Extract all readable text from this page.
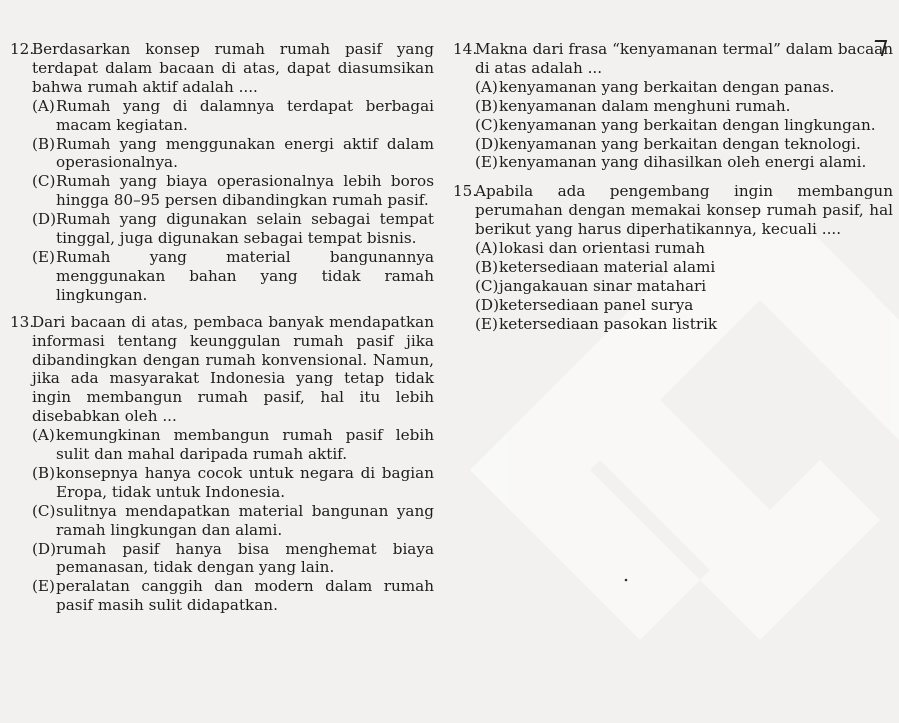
12.
Berdasarkan konsep rumah rumah pasif yang terdapat dalam bacaan di atas, dapat diasumsikan bahwa rumah aktif adalah ....
(A) Rumah yang di dalamnya terdapat berbagai macam kegiatan.
(B) Rumah yang menggunakan energi aktif dalam operasionalnya.
(C) Rumah yang biaya operasionalnya lebih boros hingga 80–95 persen dibandingkan rumah pasif.
(D) Rumah yang digunakan selain sebagai tempat tinggal, juga digunakan sebagai tempat bisnis.
(E) Rumah yang material bangunannya menggunakan bahan yang tidak ramah lingkungan.
13.
Dari bacaan di atas, pembaca banyak mendapatkan informasi tentang keunggulan rumah pasif jika dibandingkan dengan rumah konvensional. Namun, jika ada masyarakat Indonesia yang tetap tidak ingin membangun rumah pasif, hal itu lebih disebabkan oleh ...
(A) kemungkinan membangun rumah pasif lebih sulit dan mahal daripada rumah aktif.
(B) konsepnya hanya cocok untuk negara di bagian Eropa, tidak untuk Indonesia.
(C) sulitnya mendapatkan material bangunan yang ramah lingkungan dan alami.
(D) rumah pasif hanya bisa menghemat biaya pemanasan, tidak dengan yang lain.
(E) peralatan canggih dan modern dalam rumah pasif masih sulit didapatkan.
14.
Makna dari frasa “kenyamanan termal” dalam bacaan di atas adalah ...
(A) kenyamanan yang berkaitan dengan panas.
(B) kenyamanan dalam menghuni rumah.
(C) kenyamanan yang berkaitan dengan lingkungan.
(D) kenyamanan yang berkaitan dengan teknologi.
(E) kenyamanan yang dihasilkan oleh energi alami.
15.
Apabila ada pengembang ingin membangun perumahan dengan memakai konsep rumah pasif, hal berikut yang harus diperhatikannya, kecuali ....
(A) lokasi dan orientasi rumah
(B) ketersediaan material alami
(C) jangakauan sinar matahari
(D) ketersediaan panel surya
(E) ketersediaan pasokan listrik
